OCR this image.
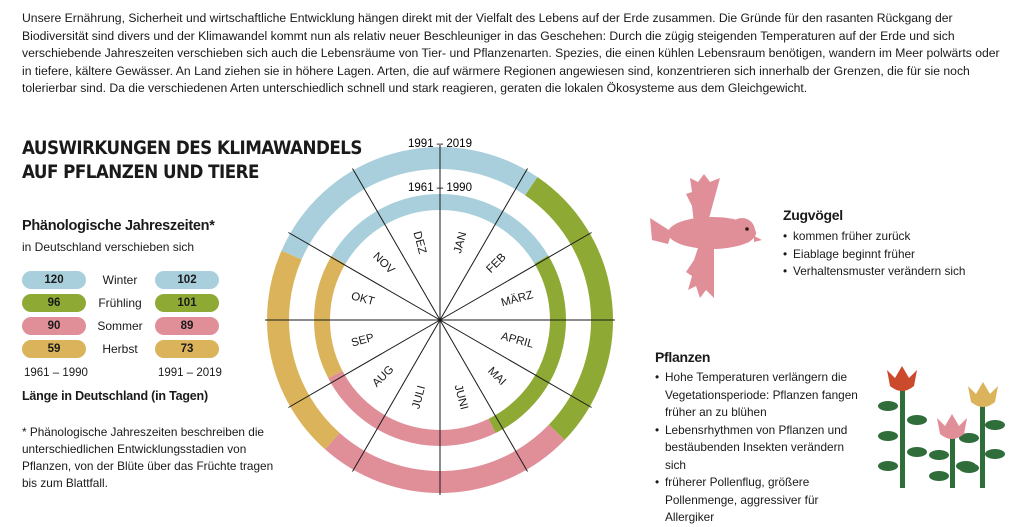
Unsere Ernährung, Sicherheit und wirtschaftliche Entwicklung hängen direkt mit der Vielfalt des Lebens auf der Erde zusammen. Die Gründe für den rasanten Rückgang der Biodiversität sind divers und der Klimawandel kommt nun als relativ neuer Beschleuniger in das Geschehen: Durch die zügig steigenden Temperaturen auf der Erde und sich verschiebende Jahreszeiten verschieben sich auch die Lebensräume von Tier- und Pflanzenarten. Spezies, die einen kühlen Lebensraum benötigen, wandern im Meer polwärts oder in tiefere, kältere Gewässer. An Land ziehen sie in höhere Lagen. Arten, die auf wärmere Regionen angewiesen sind, konzentrieren sich innerhalb der Grenzen, die für sie noch tolerierbar sind. Da die verschiedenen Arten unterschiedlich schnell und stark reagieren, geraten die lokalen Ökosysteme aus dem Gleichgewicht.

AUSWIRKUNGEN DES KLIMAWANDELS
AUF PFLANZEN UND TIERE
Phänologische Jahreszeiten*
in Deutschland verschieben sich
120	Winter	102
96	Frühling	101
90	Sommer	89
59	Herbst	73
1961 – 1990	1991 – 2019
Länge in Deutschland (in Tagen)

* Phänologische Jahreszeiten beschreiben die unterschiedlichen Entwicklungsstadien von Pflanzen, von der Blüte über das Früchte tragen bis zum Blattfall.

JAN
FEB
MÄRZ
APRIL
MAI
JUNI
JULI
AUG
SEP
OKT
NOV
DEZ
1991 – 2019
1961 – 1990
Zugvögel
• kommen früher zurück
• Eiablage beginnt früher
• Verhaltensmuster verändern sich
Pflanzen
• Hohe Temperaturen verlängern die Vegetationsperiode: Pflanzen fangen früher an zu blühen
• Lebensrhythmen von Pflanzen und bestäubenden Insekten verändern sich
• früherer Pollenflug, größere Pollenmenge, aggressiver für Allergiker
